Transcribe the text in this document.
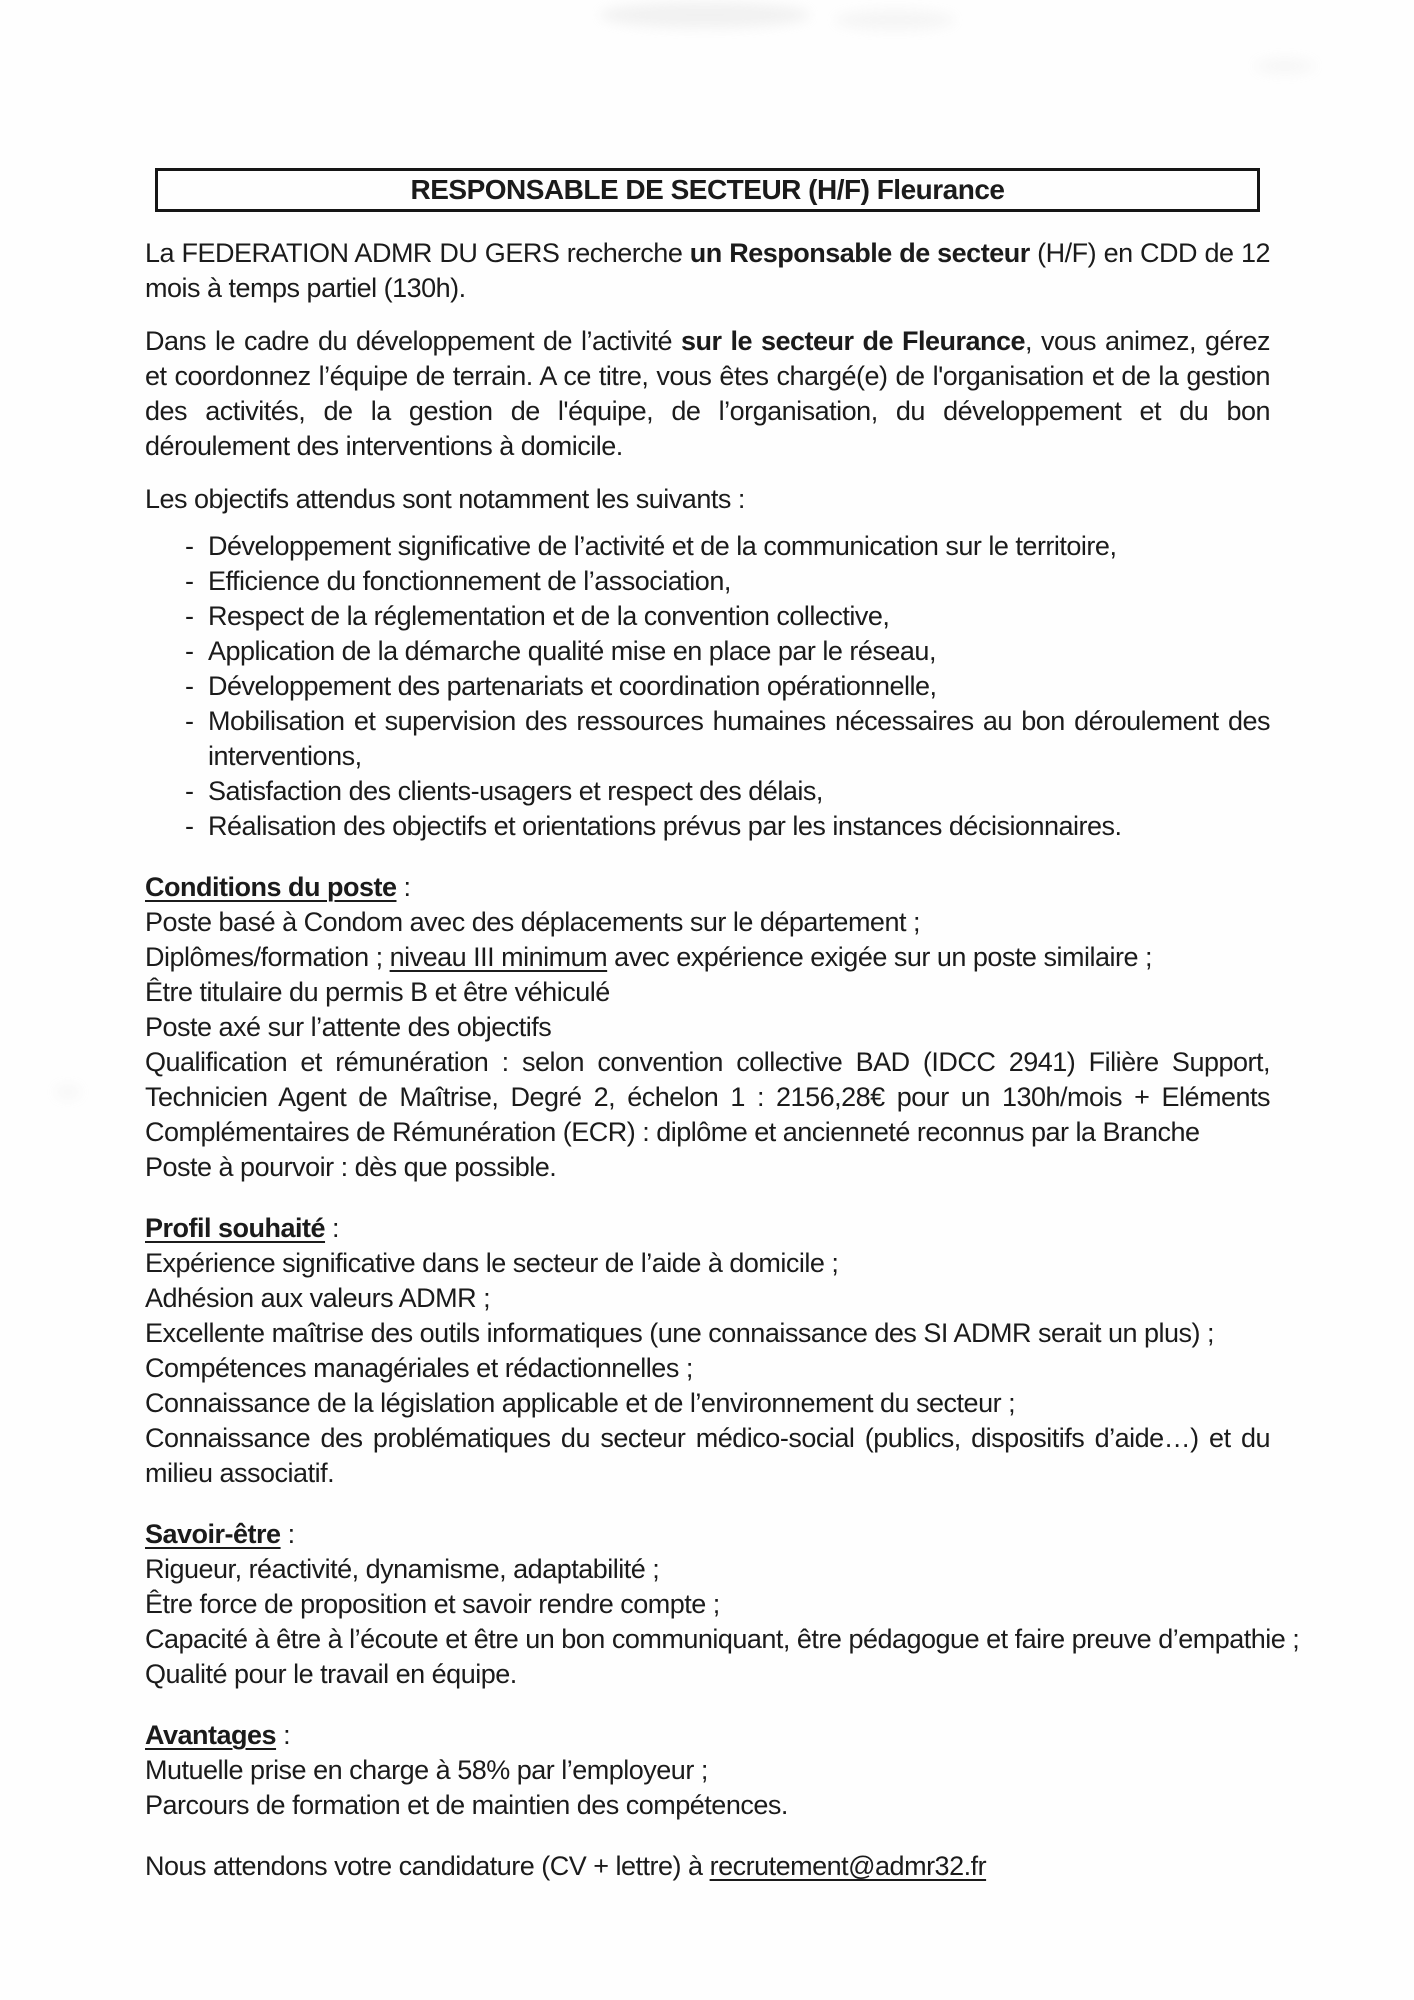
RESPONSABLE DE SECTEUR (H/F) Fleurance

La FEDERATION ADMR DU GERS recherche un Responsable de secteur (H/F) en CDD de 12 mois à temps partiel (130h).

Dans le cadre du développement de l’activité sur le secteur de Fleurance, vous animez, gérez et coordonnez l’équipe de terrain. A ce titre, vous êtes chargé(e) de l'organisation et de la gestion des activités, de la gestion de l'équipe, de l’organisation, du développement et du bon déroulement des interventions à domicile.

Les objectifs attendus sont notamment les suivants :

- Développement significative de l’activité et de la communication sur le territoire,
- Efficience du fonctionnement de l’association,
- Respect de la réglementation et de la convention collective,
- Application de la démarche qualité mise en place par le réseau,
- Développement des partenariats et coordination opérationnelle,
- Mobilisation et supervision des ressources humaines nécessaires au bon déroulement des interventions,
- Satisfaction des clients-usagers et respect des délais,
- Réalisation des objectifs et orientations prévus par les instances décisionnaires.
Conditions du poste :
Poste basé à Condom avec des déplacements sur le département ;
Diplômes/formation ; niveau III minimum avec expérience exigée sur un poste similaire ;
Être titulaire du permis B et être véhiculé
Poste axé sur l’attente des objectifs
Qualification et rémunération : selon convention collective BAD (IDCC 2941) Filière Support, Technicien Agent de Maîtrise, Degré 2, échelon 1 : 2156,28€ pour un 130h/mois + Eléments Complémentaires de Rémunération (ECR) : diplôme et ancienneté reconnus par la Branche
Poste à pourvoir : dès que possible.
Profil souhaité :
Expérience significative dans le secteur de l’aide à domicile ;
Adhésion aux valeurs ADMR ;
Excellente maîtrise des outils informatiques (une connaissance des SI ADMR serait un plus) ;
Compétences managériales et rédactionnelles ;
Connaissance de la législation applicable et de l’environnement du secteur ;
Connaissance des problématiques du secteur médico-social (publics, dispositifs d’aide…) et du milieu associatif.
Savoir-être :
Rigueur, réactivité, dynamisme, adaptabilité ;
Être force de proposition et savoir rendre compte ;
Capacité à être à l’écoute et être un bon communiquant, être pédagogue et faire preuve d’empathie ;
Qualité pour le travail en équipe.
Avantages :
Mutuelle prise en charge à 58% par l’employeur ;
Parcours de formation et de maintien des compétences.

Nous attendons votre candidature (CV + lettre) à recrutement@admr32.fr
